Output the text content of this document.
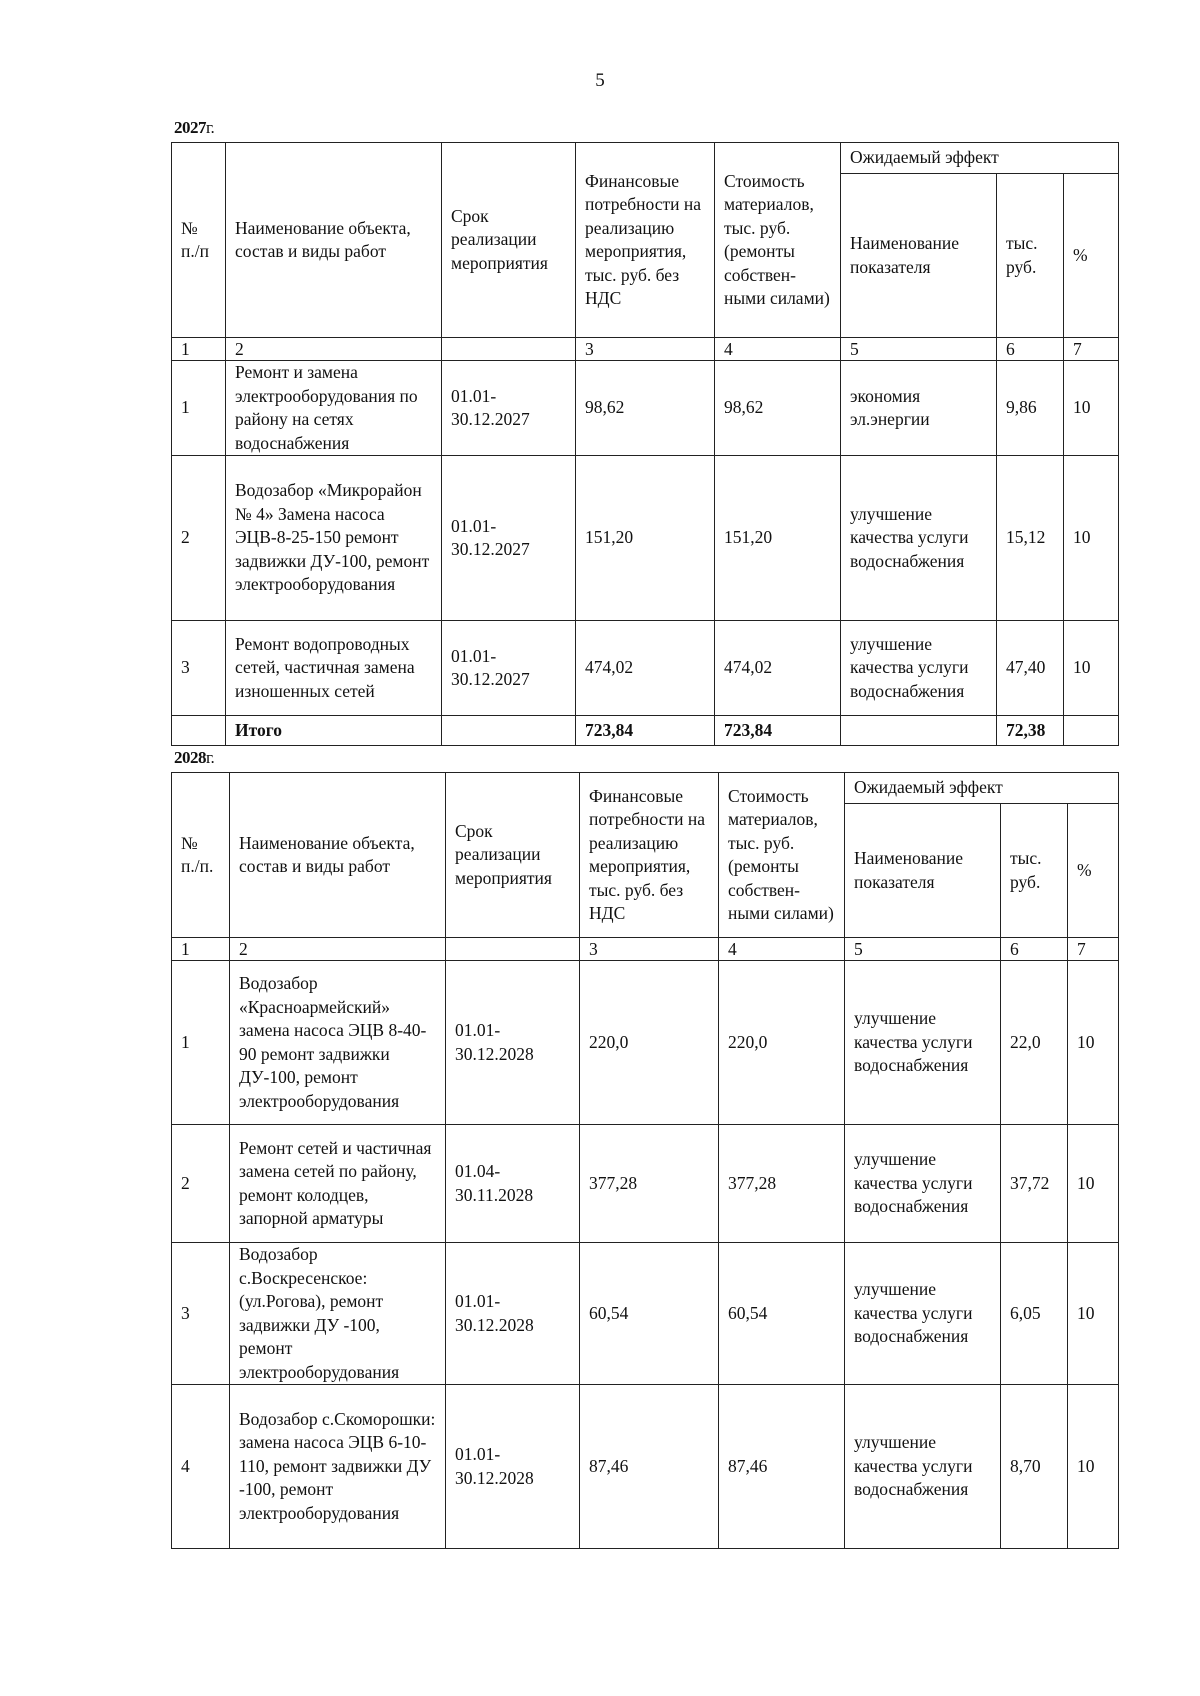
5
2027г.
№ п./п	Наименование объекта, состав и виды работ	Срок реализации мероприятия	Финансовые потребности на реализацию мероприятия, тыс. руб. без НДС	Стоимость материалов, тыс. руб. (ремонты собствен-ными силами)	Ожидаемый эффект		
					Наименование показателя	тыс. руб.	%
1	2		3	4	5	6	7
1	Ремонт и замена электрооборудования по району на сетях водоснабжения	01.01-30.12.2027	98,62	98,62	экономия эл.энергии	9,86	10
2	Водозабор «Микрорайон № 4» Замена насоса ЭЦВ-8-25-150 ремонт задвижки ДУ-100, ремонт электрооборудования	01.01-30.12.2027	151,20	151,20	улучшение качества услуги водоснабжения	15,12	10
3	Ремонт водопроводных сетей, частичная замена изношенных сетей	01.01-30.12.2027	474,02	474,02	улучшение качества услуги водоснабжения	47,40	10
	Итого		723,84	723,84		72,38	
2028г.
№ п./п.	Наименование объекта, состав и виды работ	Срок реализации мероприятия	Финансовые потребности на реализацию мероприятия, тыс. руб. без НДС	Стоимость материалов, тыс. руб. (ремонты собствен-ными силами)	Ожидаемый эффект		
					Наименование показателя	тыс. руб.	%
1	2		3	4	5	6	7
1	Водозабор «Красноармейский» замена насоса ЭЦВ 8-40-90 ремонт задвижки ДУ-100, ремонт электрооборудования	01.01-30.12.2028	220,0	220,0	улучшение качества услуги водоснабжения	22,0	10
2	Ремонт сетей и частичная замена сетей по району, ремонт колодцев, запорной арматуры	01.04-30.11.2028	377,28	377,28	улучшение качества услуги водоснабжения	37,72	10
3	Водозабор с.Воскресенское: (ул.Рогова), ремонт задвижки ДУ -100, ремонт электрооборудования	01.01-30.12.2028	60,54	60,54	улучшение качества услуги водоснабжения	6,05	10
4	Водозабор с.Скоморошки: замена насоса ЭЦВ 6-10-110, ремонт задвижки ДУ -100, ремонт электрооборудования	01.01-30.12.2028	87,46	87,46	улучшение качества услуги водоснабжения	8,70	10
